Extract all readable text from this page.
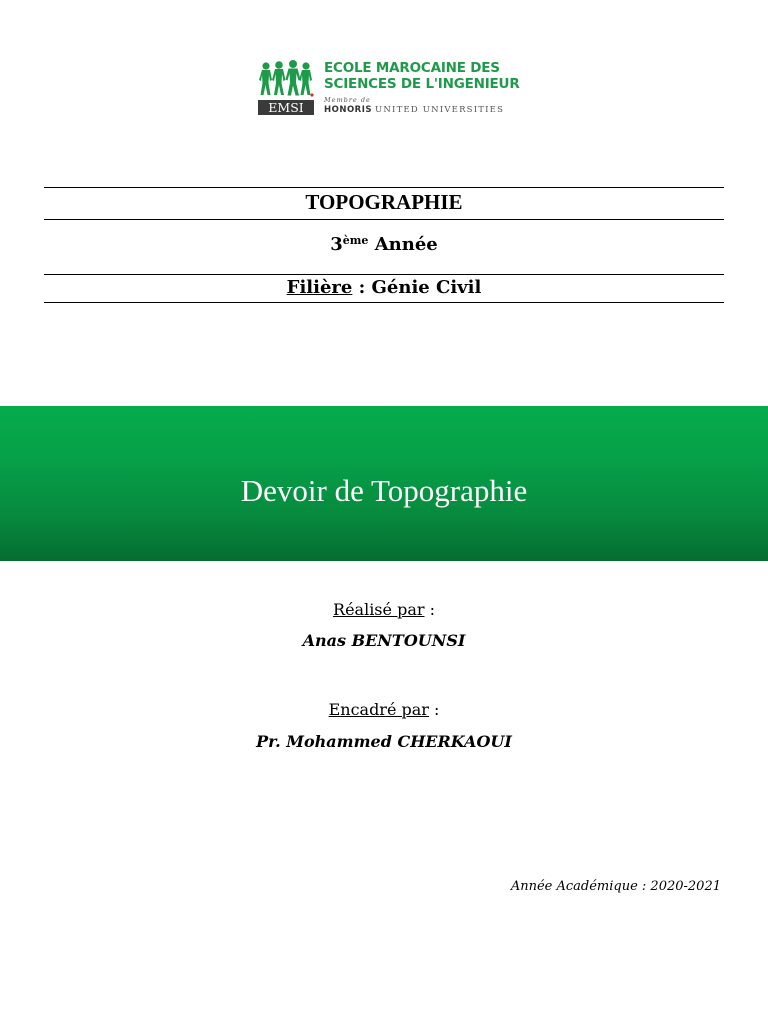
EMSI
ECOLE MAROCAINE DES
SCIENCES DE L'INGENIEUR
Membre de
HONORIS UNITED UNIVERSITIES
TOPOGRAPHIE
3ème Année
Filière : Génie Civil
Devoir de Topographie
Réalisé par :
Anas BENTOUNSI
Encadré par :
Pr. Mohammed CHERKAOUI
Année Académique : 2020-2021
